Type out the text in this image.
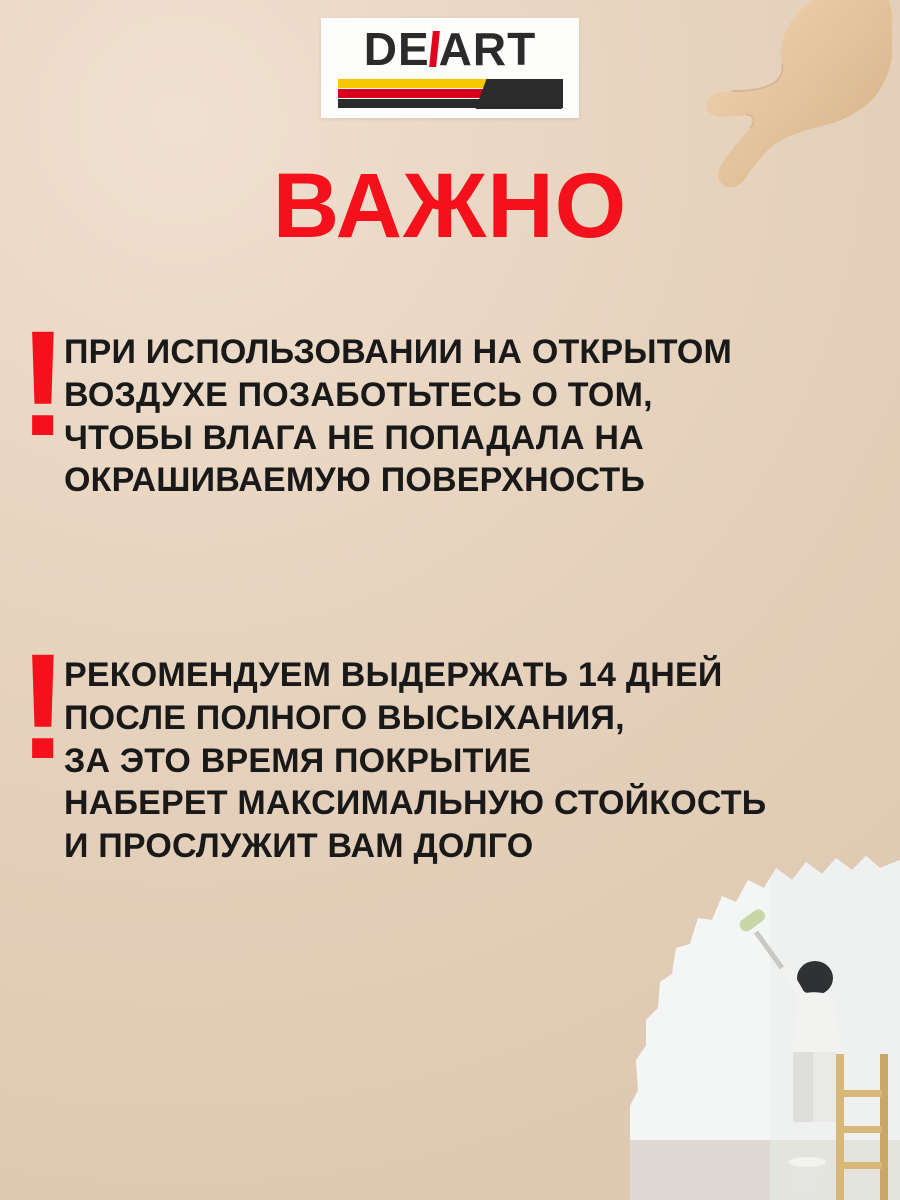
DE ART
ВАЖНО
!
ПРИ ИСПОЛЬЗОВАНИИ НА ОТКРЫТОМ
ВОЗДУХЕ ПОЗАБОТЬТЕСЬ О ТОМ,
ЧТОБЫ ВЛАГА НЕ ПОПАДАЛА НА
ОКРАШИВАЕМУЮ ПОВЕРХНОСТЬ
!
РЕКОМЕНДУЕМ ВЫДЕРЖАТЬ 14 ДНЕЙ
ПОСЛЕ ПОЛНОГО ВЫСЫХАНИЯ,
ЗА ЭТО ВРЕМЯ ПОКРЫТИЕ
НАБЕРЕТ МАКСИМАЛЬНУЮ СТОЙКОСТЬ
И ПРОСЛУЖИТ ВАМ ДОЛГО
